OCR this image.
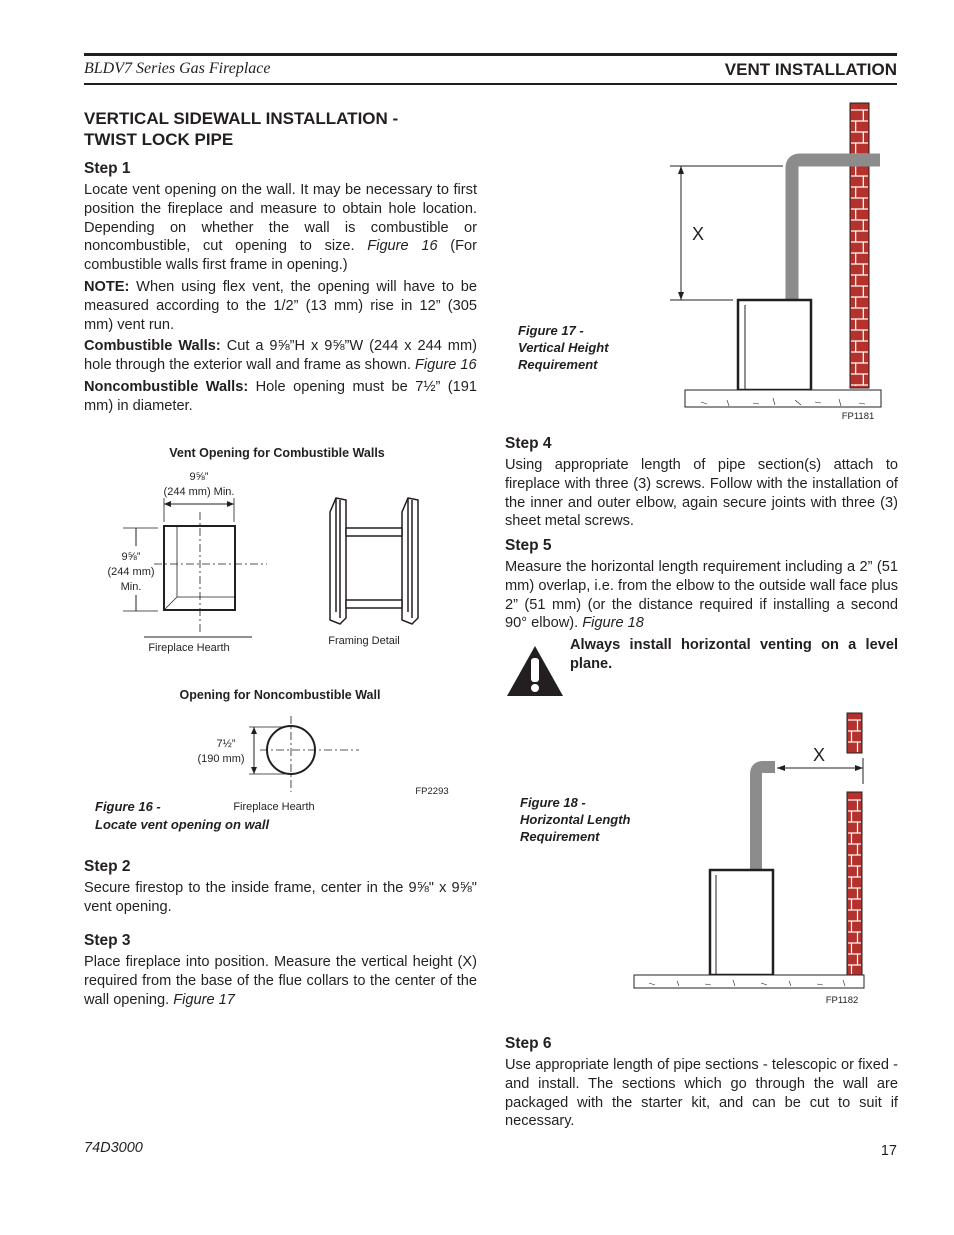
BLDV7 Series Gas Fireplace	VENT INSTALLATION
VERTICAL SIDEWALL INSTALLATION - TWIST LOCK PIPE
Step 1

Locate vent opening on the wall. It may be necessary to first position the fireplace and measure to obtain hole location. Depending on whether the wall is combustible or noncombustible, cut opening to size. Figure 16 (For combustible walls first frame in opening.)

NOTE: When using flex vent, the opening will have to be measured according to the 1/2” (13 mm) rise in 12” (305 mm) vent run.

Combustible Walls: Cut a 9⅝”H x 9⅝”W (244 x 244 mm) hole through the exterior wall and frame as shown. Figure 16

Noncombustible Walls: Hole opening must be 7½” (191 mm) in diameter.

Vent Opening for Combustible Walls
9⅝”
(244 mm) Min.
9⅝”
(244 mm)
Min.
Fireplace Hearth
Framing Detail
Opening for Noncombustible Wall
7½”
(190 mm)
Fireplace Hearth
FP2293
Figure 16 -
Locate vent opening on wall
Step 2

Secure firestop to the inside frame, center in the 9⅝" x 9⅝" vent opening.

Step 3

Place fireplace into position. Measure the vertical height (X) required from the base of the flue collars to the center of the wall opening. Figure 17

X
Figure 17 -
Vertical Height
Requirement
FP1181
Step 4

Using appropriate length of pipe section(s) attach to fireplace with three (3) screws. Follow with the installation of the inner and outer elbow, again secure joints with three (3) sheet metal screws.

Step 5

Measure the horizontal length requirement including a 2” (51 mm) overlap, i.e. from the elbow to the outside wall face plus 2” (51 mm) (or the distance required if installing a second 90° elbow). Figure 18

Always install horizontal venting on a level plane.

X
Figure 18 -
Horizontal Length
Requirement
FP1182
Step 6

Use appropriate length of pipe sections - telescopic or fixed - and install. The sections which go through the wall are packaged with the starter kit, and can be cut to suit if necessary.

74D3000	17
